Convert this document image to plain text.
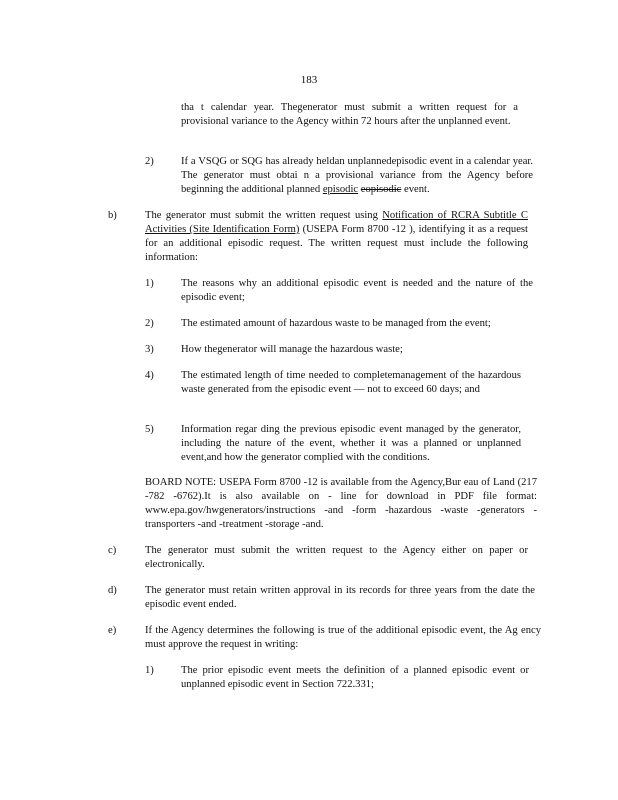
183
tha t calendar year. Thegenerator must submit a written request for a provisional variance to the Agency within 72 hours after the unplanned event.
2)	If a VSQG or SQG has already heldan unplannedepisodic event in a calendar year. The generator must obtai n a provisional variance from the Agency before beginning the additional planned episodic eopisodic event.
b)	The generator must submit the written request using Notification of RCRA Subtitle C Activities (Site Identification Form) (USEPA Form 8700 -12 ), identifying it as a request for an additional episodic request. The written request must include the following information:
1)	The reasons why an additional episodic event is needed and the nature of the episodic event;
2)	The estimated amount of hazardous waste to be managed from the event;
3)	How thegenerator will manage the hazardous waste;
4)	The estimated length of time needed to completemanagement of the hazardous waste generated from the episodic event — not to exceed 60 days; and
5)	Information regar ding the previous episodic event managed by the generator, including the nature of the event, whether it was a planned or unplanned event,and how the generator complied with the conditions.
BOARD NOTE: USEPA Form 8700 -12 is available from the Agency,Bur eau of Land (217 -782 -6762).It is also available on - line for download in PDF file format: www.epa.gov/hwgenerators/instructions -and -form -hazardous -waste -generators -transporters -and -treatment -storage -and.
c)	The generator must submit the written request to the Agency either on paper or electronically.
d)	The generator must retain written approval in its records for three years from the date the episodic event ended.
e)	If the Agency determines the following is true of the additional episodic event, the Ag ency must approve the request in writing:
1)	The prior episodic event meets the definition of a planned episodic event or unplanned episodic event in Section 722.331;
